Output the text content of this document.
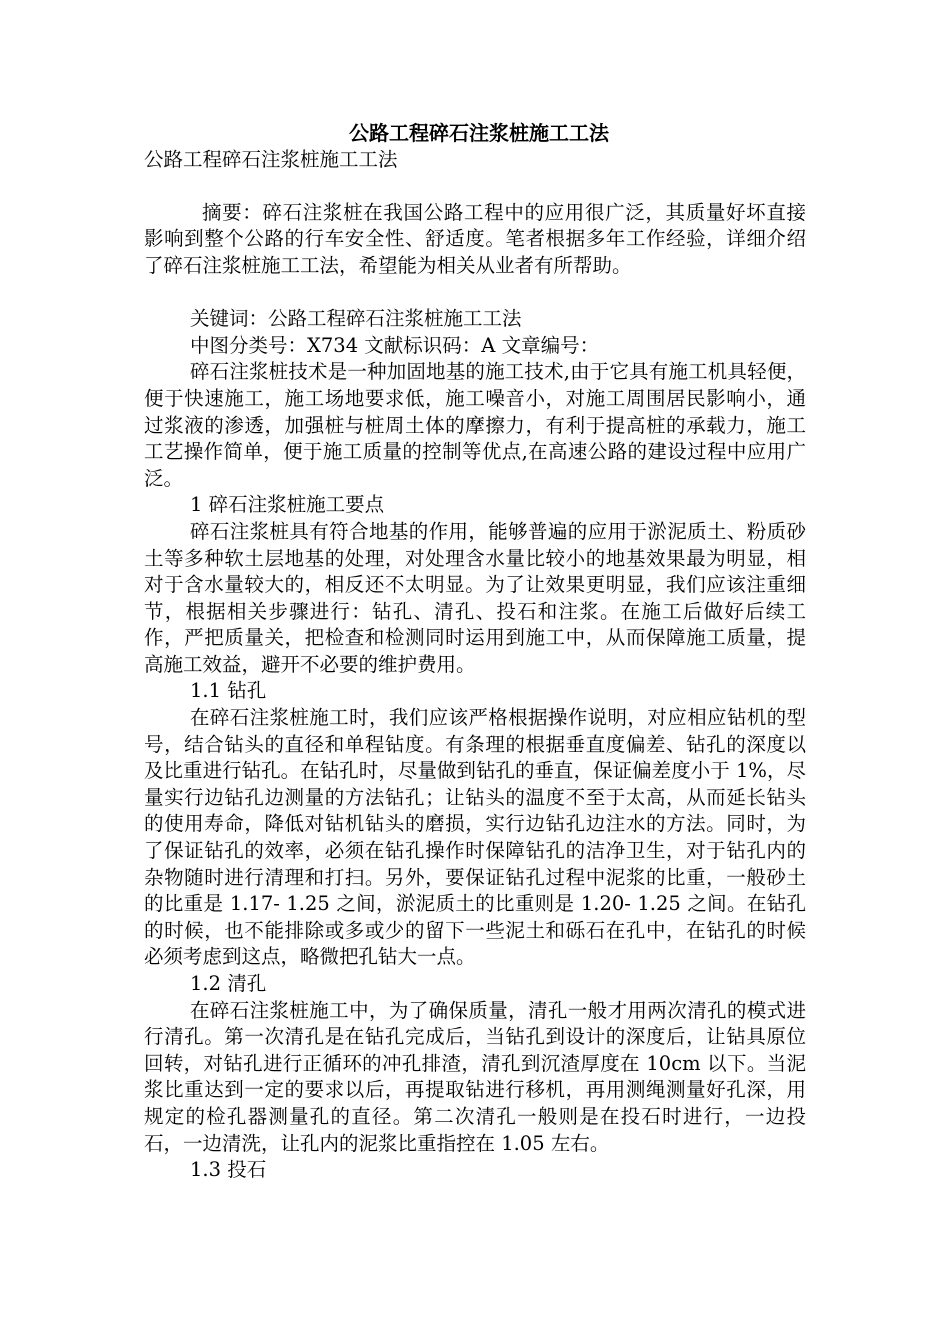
公路工程碎石注浆桩施工工法
公路工程碎石注浆桩施工工法

摘要：碎石注浆桩在我国公路工程中的应用很广泛，其质量好坏直接影响到整个公路的行车安全性、舒适度。笔者根据多年工作经验，详细介绍了碎石注浆桩施工工法，希望能为相关从业者有所帮助。

关键词：公路工程碎石注浆桩施工工法

中图分类号：X734 文献标识码：A 文章编号：

碎石注浆桩技术是一种加固地基的施工技术,由于它具有施工机具轻便，便于快速施工，施工场地要求低，施工噪音小，对施工周围居民影响小，通过浆液的渗透，加强桩与桩周土体的摩擦力，有利于提高桩的承载力，施工工艺操作简单，便于施工质量的控制等优点,在高速公路的建设过程中应用广泛。

1 碎石注浆桩施工要点

碎石注浆桩具有符合地基的作用，能够普遍的应用于淤泥质土、粉质砂土等多种软土层地基的处理，对处理含水量比较小的地基效果最为明显，相对于含水量较大的，相反还不太明显。为了让效果更明显，我们应该注重细节，根据相关步骤进行：钻孔、清孔、投石和注浆。在施工后做好后续工作，严把质量关，把检查和检测同时运用到施工中，从而保障施工质量，提高施工效益，避开不必要的维护费用。

1.1 钻孔

在碎石注浆桩施工时，我们应该严格根据操作说明，对应相应钻机的型号，结合钻头的直径和单程钻度。有条理的根据垂直度偏差、钻孔的深度以及比重进行钻孔。在钻孔时，尽量做到钻孔的垂直，保证偏差度小于 1%，尽量实行边钻孔边测量的方法钻孔；让钻头的温度不至于太高，从而延长钻头的使用寿命，降低对钻机钻头的磨损，实行边钻孔边注水的方法。同时，为了保证钻孔的效率，必须在钻孔操作时保障钻孔的洁净卫生，对于钻孔内的杂物随时进行清理和打扫。另外，要保证钻孔过程中泥浆的比重，一般砂土的比重是 1.17- 1.25 之间，淤泥质土的比重则是 1.20- 1.25 之间。在钻孔的时候，也不能排除或多或少的留下一些泥土和砾石在孔中，在钻孔的时候必须考虑到这点，略微把孔钻大一点。

1.2 清孔

在碎石注浆桩施工中，为了确保质量，清孔一般才用两次清孔的模式进行清孔。第一次清孔是在钻孔完成后，当钻孔到设计的深度后，让钻具原位回转，对钻孔进行正循环的冲孔排渣，清孔到沉渣厚度在 10cm 以下。当泥浆比重达到一定的要求以后，再提取钻进行移机，再用测绳测量好孔深，用规定的检孔器测量孔的直径。第二次清孔一般则是在投石时进行，一边投石，一边清洗，让孔内的泥浆比重指控在 1.05 左右。

1.3 投石
